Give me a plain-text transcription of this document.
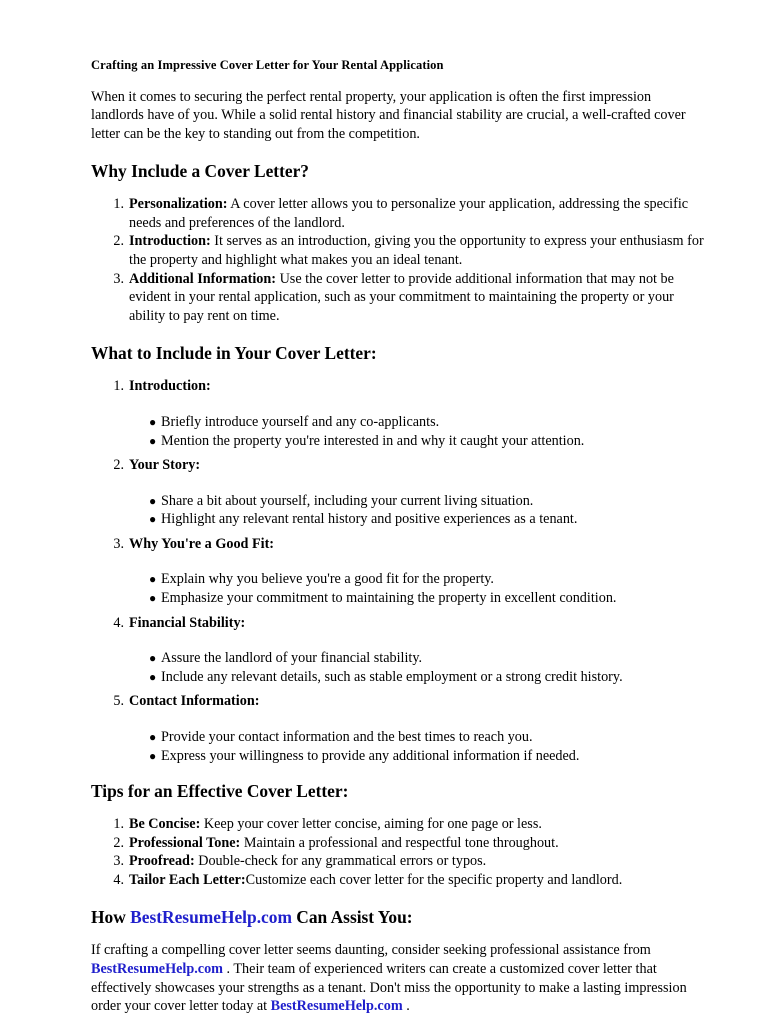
Crafting an Impressive Cover Letter for Your Rental Application

When it comes to securing the perfect rental property, your application is often the first impression landlords have of you. While a solid rental history and financial stability are crucial, a well-crafted cover letter can be the key to standing out from the competition.

Why Include a Cover Letter?
1. Personalization: A cover letter allows you to personalize your application, addressing the specific needs and preferences of the landlord.
2. Introduction: It serves as an introduction, giving you the opportunity to express your enthusiasm for the property and highlight what makes you an ideal tenant.
3. Additional Information: Use the cover letter to provide additional information that may not be evident in your rental application, such as your commitment to maintaining the property or your ability to pay rent on time.
What to Include in Your Cover Letter:
1. Introduction:
● Briefly introduce yourself and any co-applicants.
● Mention the property you're interested in and why it caught your attention.
2. Your Story:
● Share a bit about yourself, including your current living situation.
● Highlight any relevant rental history and positive experiences as a tenant.
3. Why You're a Good Fit:
● Explain why you believe you're a good fit for the property.
● Emphasize your commitment to maintaining the property in excellent condition.
4. Financial Stability:
● Assure the landlord of your financial stability.
● Include any relevant details, such as stable employment or a strong credit history.
5. Contact Information:
● Provide your contact information and the best times to reach you.
● Express your willingness to provide any additional information if needed.
Tips for an Effective Cover Letter:
1. Be Concise: Keep your cover letter concise, aiming for one page or less.
2. Professional Tone: Maintain a professional and respectful tone throughout.
3. Proofread: Double-check for any grammatical errors or typos.
4. Tailor Each Letter:Customize each cover letter for the specific property and landlord.
How BestResumeHelp.com Can Assist You:

If crafting a compelling cover letter seems daunting, consider seeking professional assistance from BestResumeHelp.com . Their team of experienced writers can create a customized cover letter that effectively showcases your strengths as a tenant. Don't miss the opportunity to make a lasting impressionorder your cover letter today at BestResumeHelp.com .
